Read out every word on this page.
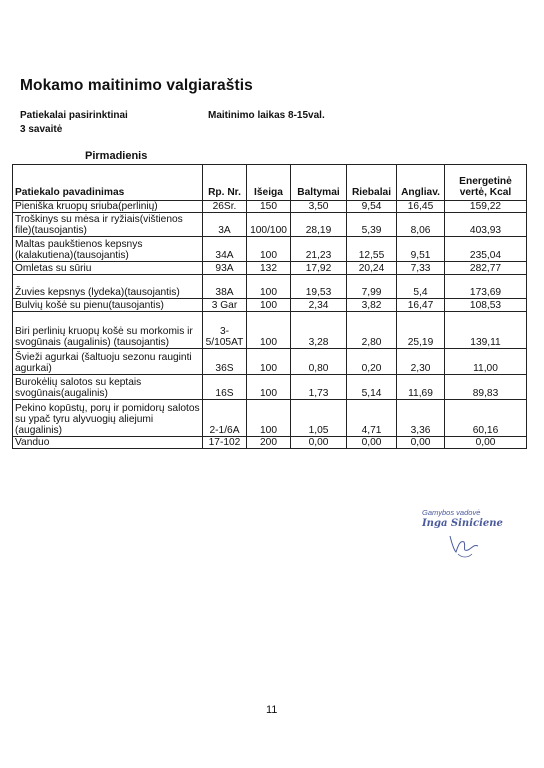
Mokamo maitinimo valgiaraštis
Patiekalai pasirinktinai
3 savaitė
Maitinimo laikas 8-15val.
Pirmadienis
Patiekalo pavadinimas	Rp. Nr.	Išeiga	Baltymai	Riebalai	Angliav.	Energetinė vertė, Kcal
Pieniška kruopų sriuba(perlinių)	26Sr.	150	3,50	9,54	16,45	159,22
Troškinys su mėsa ir ryžiais(vištienos file)(tausojantis)	3A	100/100	28,19	5,39	8,06	403,93
Maltas paukštienos kepsnys (kalakutiena)(tausojantis)	34A	100	21,23	12,55	9,51	235,04
Omletas su sūriu	93A	132	17,92	20,24	7,33	282,77
Žuvies kepsnys (lydeka)(tausojantis)	38A	100	19,53	7,99	5,4	173,69
Bulvių košė su pienu(tausojantis)	3 Gar	100	2,34	3,82	16,47	108,53
Biri perlinių kruopų košė su morkomis ir svogūnais (augalinis) (tausojantis)	3-5/105AT	100	3,28	2,80	25,19	139,11
Švieži agurkai (šaltuoju sezonu rauginti agurkai)	36S	100	0,80	0,20	2,30	11,00
Burokėlių salotos su keptais svogūnais(augalinis)	16S	100	1,73	5,14	11,69	89,83
Pekino kopūstų, porų ir pomidorų salotos su ypač tyru alyvuogių aliejumi (augalinis)	2-1/6A	100	1,05	4,71	3,36	60,16
Vanduo	17-102	200	0,00	0,00	0,00	0,00
Gamybos vadovė
Inga Siniciene
11
